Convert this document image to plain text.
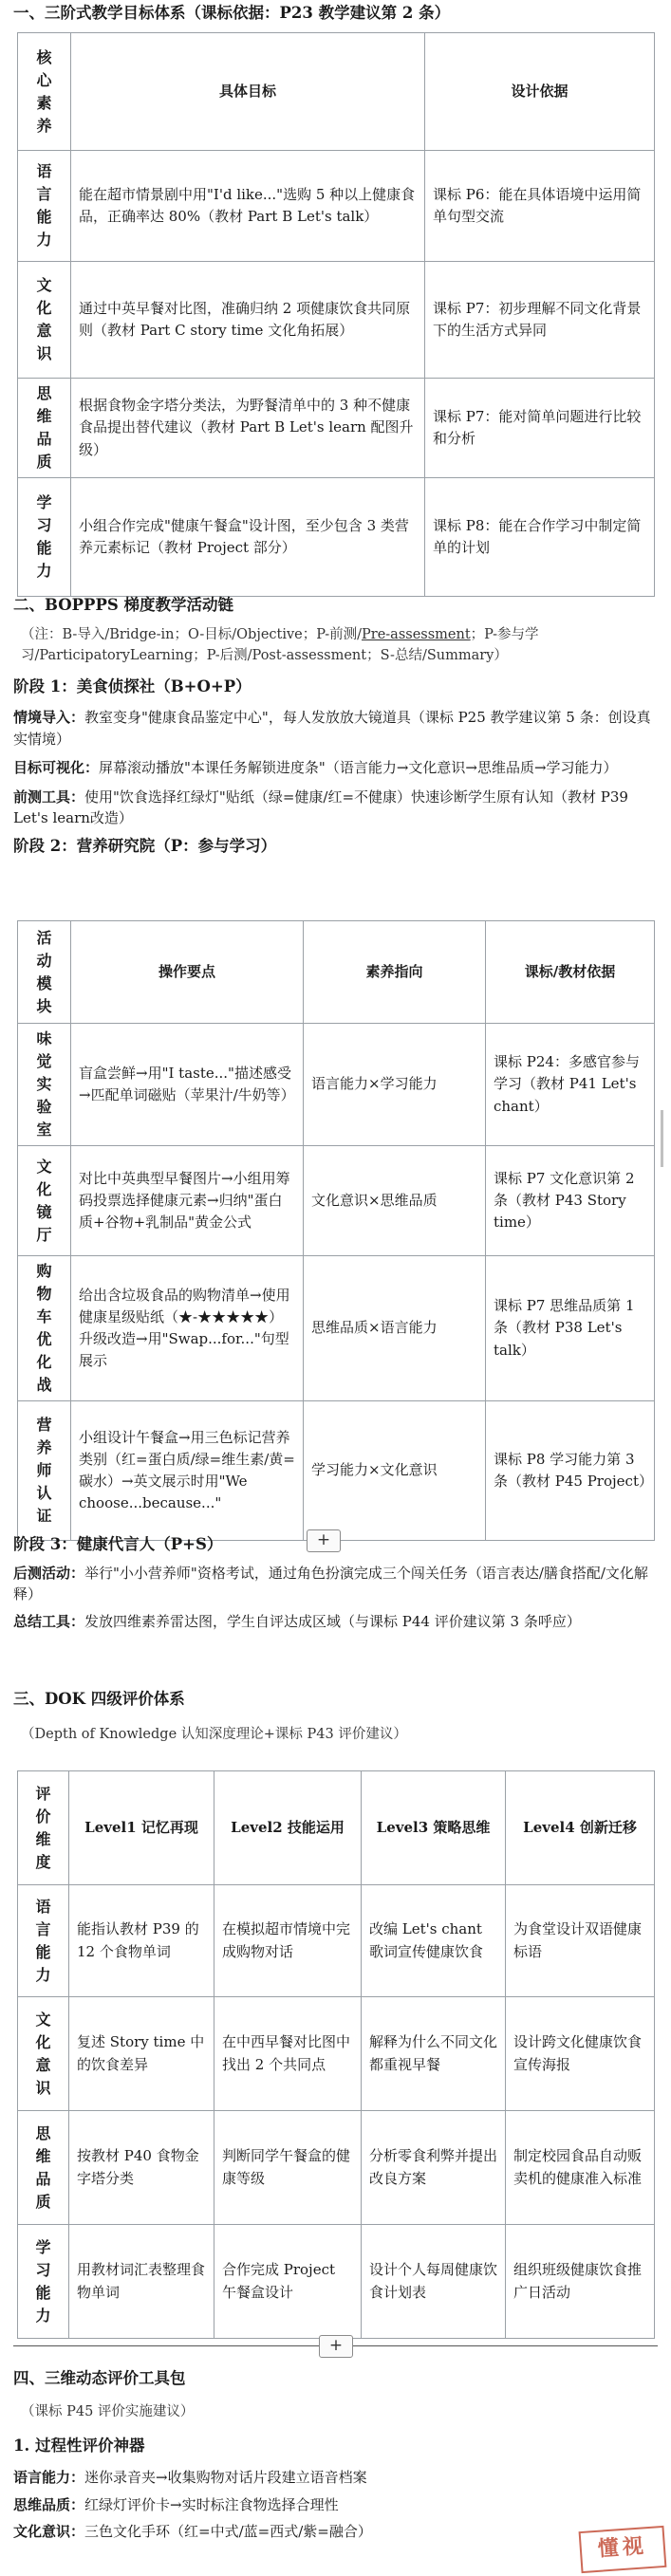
一、三阶式教学目标体系（课标依据：P23 教学建议第 2 条）

核心素养	具体目标	设计依据
语言能力	能在超市情景剧中用"I'd like..."选购 5 种以上健康食品，正确率达 80%（教材 Part B Let's talk）	课标 P6：能在具体语境中运用简单句型交流
文化意识	通过中英早餐对比图，准确归纳 2 项健康饮食共同原则（教材 Part C story time 文化角拓展）	课标 P7：初步理解不同文化背景下的生活方式异同
思维品质	根据食物金字塔分类法，为野餐清单中的 3 种不健康食品提出替代建议（教材 Part B Let's learn 配图升级）	课标 P7：能对简单问题进行比较和分析
学习能力	小组合作完成"健康午餐盒"设计图，至少包含 3 类营养元素标记（教材 Project 部分）	课标 P8：能在合作学习中制定简单的计划

二、BOPPPS 梯度教学活动链

（注：B-导入/Bridge-in；O-目标/Objective；P-前测/Pre-assessment；P-参与学习/ParticipatoryLearning；P-后测/Post-assessment；S-总结/Summary）

阶段 1：美食侦探社（B+O+P）

情境导入：教室变身"健康食品鉴定中心"，每人发放放大镜道具（课标 P25 教学建议第 5 条：创设真实情境）

目标可视化：屏幕滚动播放"本课任务解锁进度条"（语言能力→文化意识→思维品质→学习能力）

前测工具：使用"饮食选择红绿灯"贴纸（绿=健康/红=不健康）快速诊断学生原有认知（教材 P39 Let's learn改造）

阶段 2：营养研究院（P：参与学习）

活动模块	操作要点	素养指向	课标/教材依据
味觉实验室	盲盒尝鲜→用"I taste..."描述感受→匹配单词磁贴（苹果汁/牛奶等）	语言能力×学习能力	课标 P24：多感官参与学习（教材 P41 Let's chant）
文化镜厅	对比中英典型早餐图片→小组用筹码投票选择健康元素→归纳"蛋白质+谷物+乳制品"黄金公式	文化意识×思维品质	课标 P7 文化意识第 2 条（教材 P43 Story time）
购物车优化战	给出含垃圾食品的购物清单→使用健康星级贴纸（★-★★★★★）升级改造→用"Swap...for..."句型展示	思维品质×语言能力	课标 P7 思维品质第 1 条（教材 P38 Let's talk）
营养师认证	小组设计午餐盒→用三色标记营养类别（红=蛋白质/绿=维生素/黄=碳水）→英文展示时用"We choose...because..."	学习能力×文化意识	课标 P8 学习能力第 3 条（教材 P45 Project）
+

阶段 3：健康代言人（P+S）

后测活动：举行"小小营养师"资格考试，通过角色扮演完成三个闯关任务（语言表达/膳食搭配/文化解释）

总结工具：发放四维素养雷达图，学生自评达成区域（与课标 P44 评价建议第 3 条呼应）

三、DOK 四级评价体系

（Depth of Knowledge 认知深度理论+课标 P43 评价建议）

评价维度	Level1 记忆再现	Level2 技能运用	Level3 策略思维	Level4 创新迁移
语言能力	能指认教材 P39 的 12 个食物单词	在模拟超市情境中完成购物对话	改编 Let's chant 歌词宣传健康饮食	为食堂设计双语健康标语
文化意识	复述 Story time 中的饮食差异	在中西早餐对比图中找出 2 个共同点	解释为什么不同文化都重视早餐	设计跨文化健康饮食宣传海报
思维品质	按教材 P40 食物金字塔分类	判断同学午餐盒的健康等级	分析零食利弊并提出改良方案	制定校园食品自动贩卖机的健康准入标准
学习能力	用教材词汇表整理食物单词	合作完成 Project 午餐盒设计	设计个人每周健康饮食计划表	组织班级健康饮食推广日活动
+

四、三维动态评价工具包

（课标 P45 评价实施建议）

1. 过程性评价神器

语言能力：迷你录音夹→收集购物对话片段建立语音档案

思维品质：红绿灯评价卡→实时标注食物选择合理性

文化意识：三色文化手环（红=中式/蓝=西式/紫=融合）

懂视
